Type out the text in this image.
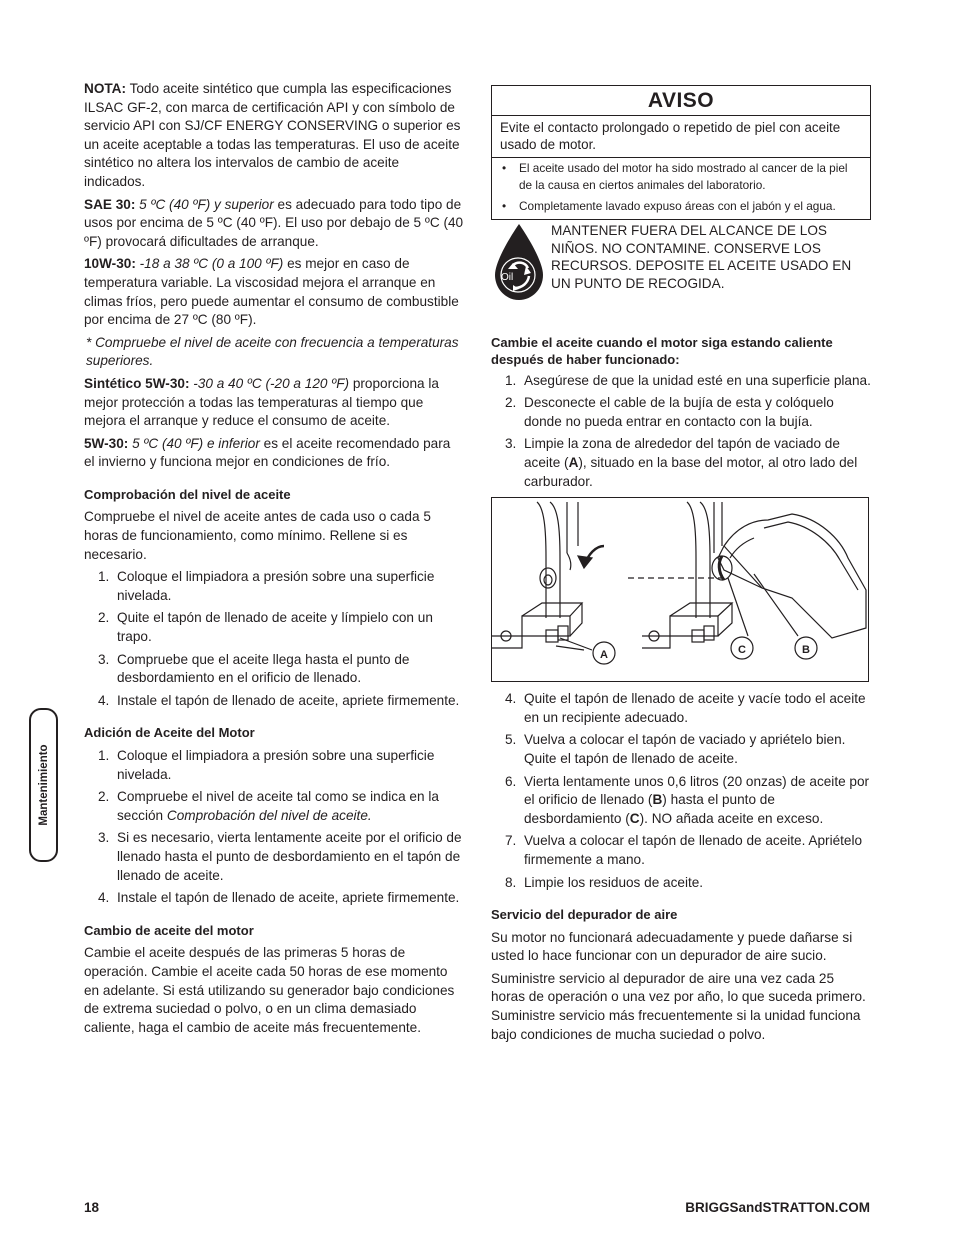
NOTA: Todo aceite sintético que cumpla las especificaciones ILSAC GF-2, con marca de certificación API y con símbolo de servicio API con SJ/CF ENERGY CONSERVING o superior es un aceite aceptable a todas las temperaturas. El uso de aceite sintético no altera los intervalos de cambio de aceite indicados.

SAE 30: 5 ºC (40 ºF) y superior es adecuado para todo tipo de usos por encima de 5 ºC (40 ºF). El uso por debajo de 5 ºC (40 ºF) provocará dificultades de arranque.

10W-30: -18 a 38 ºC (0 a 100 ºF) es mejor en caso de temperatura variable. La viscosidad mejora el arranque en climas fríos, pero puede aumentar el consumo de combustible por encima de 27 ºC (80 ºF).

* Compruebe el nivel de aceite con frecuencia a temperaturas superiores.

Sintético 5W-30: -30 a 40 ºC (-20 a 120 ºF) proporciona la mejor protección a todas las temperaturas al tiempo que mejora el arranque y reduce el consumo de aceite.

5W-30: 5 ºC (40 ºF) e inferior es el aceite recomendado para el invierno y funciona mejor en condiciones de frío.

Comprobación del nivel de aceite

Compruebe el nivel de aceite antes de cada uso o cada 5 horas de funcionamiento, como mínimo. Rellene si es necesario.

1. Coloque el limpiadora a presión sobre una superficie nivelada.
2. Quite el tapón de llenado de aceite y límpielo con un trapo.
3. Compruebe que el aceite llega hasta el punto de desbordamiento en el orificio de llenado.
4. Instale el tapón de llenado de aceite, apriete firmemente.
Adición de Aceite del Motor
1. Coloque el limpiadora a presión sobre una superficie nivelada.
2. Compruebe el nivel de aceite tal como se indica en la sección Comprobación del nivel de aceite.
3. Si es necesario, vierta lentamente aceite por el orificio de llenado hasta el punto de desbordamiento en el tapón de llenado de aceite.
4. Instale el tapón de llenado de aceite, apriete firmemente.
Cambio de aceite del motor

Cambie el aceite después de las primeras 5 horas de operación. Cambie el aceite cada 50 horas de ese momento en adelante. Si está utilizando su generador bajo condiciones de extrema suciedad o polvo, o en un clima demasiado caliente, haga el cambio de aceite más frecuentemente.

AVISO
Evite el contacto prolongado o repetido de piel con aceite usado de motor.
• El aceite usado del motor ha sido mostrado al cancer de la piel de la causa en ciertos animales del laboratorio.
• Completamente lavado expuso áreas con el jabón y el agua.
Oil
MANTENER FUERA DEL ALCANCE DE LOS NIÑOS. NO CONTAMINE. CONSERVE LOS RECURSOS. DEPOSITE EL ACEITE USADO EN UN PUNTO DE RECOGIDA.
Cambie el aceite cuando el motor siga estando caliente después de haber funcionado:
1. Asegúrese de que la unidad esté en una superficie plana.
2. Desconecte el cable de la bujía de esta y colóquelo donde no pueda entrar en contacto con la bujía.
3. Limpie la zona de alrededor del tapón de vaciado de aceite (A), situado en la base del motor, al otro lado del carburador.
A	C	B
4. Quite el tapón de llenado de aceite y vacíe todo el aceite en un recipiente adecuado.
5. Vuelva a colocar el tapón de vaciado y apriételo bien. Quite el tapón de llenado de aceite.
6. Vierta lentamente unos 0,6 litros (20 onzas) de aceite por el orificio de llenado (B) hasta el punto de desbordamiento (C). NO añada aceite en exceso.
7. Vuelva a colocar el tapón de llenado de aceite. Apriételo firmemente a mano.
8. Limpie los residuos de aceite.
Servicio del depurador de aire

Su motor no funcionará adecuadamente y puede dañarse si usted lo hace funcionar con un depurador de aire sucio.

Suministre servicio al depurador de aire una vez cada 25 horas de operación o una vez por año, lo que suceda primero. Suministre servicio más frecuentemente si la unidad funciona bajo condiciones de mucha suciedad o polvo.

Mantenimiento
18	BRIGGSandSTRATTON.COM
